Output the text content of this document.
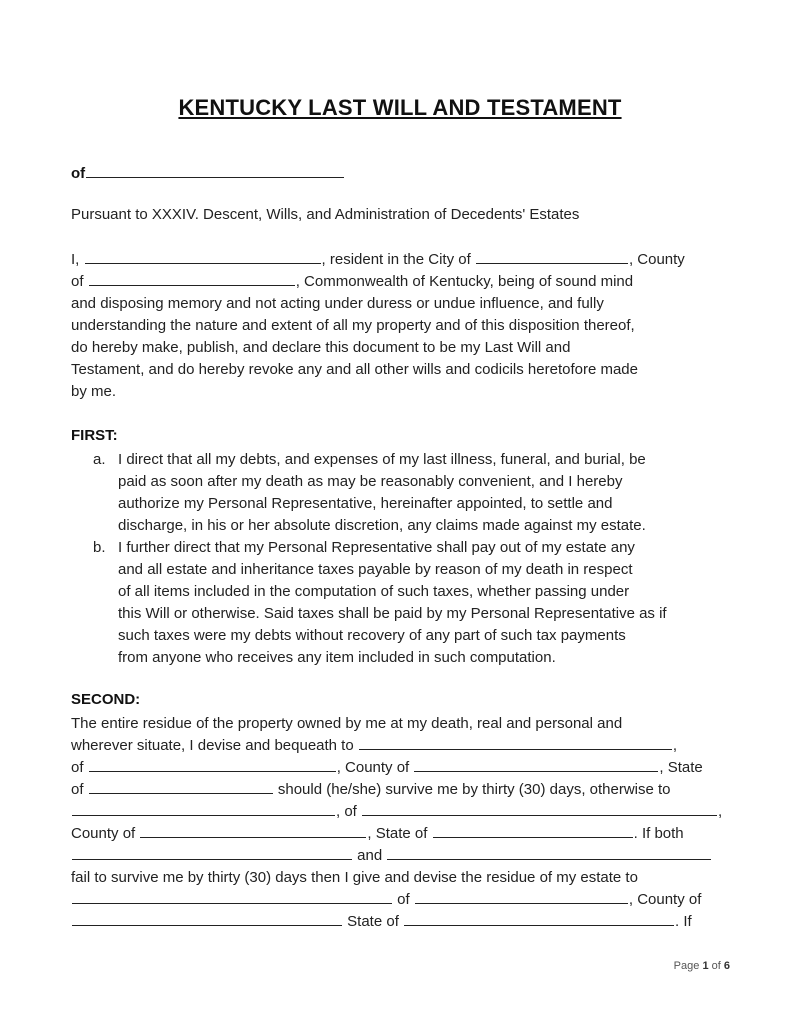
KENTUCKY LAST WILL AND TESTAMENT
of
Pursuant to XXXIV. Descent, Wills, and Administration of Decedents' Estates
I,	, resident in the City of	, County
of	, Commonwealth of Kentucky, being of sound mind
and disposing memory and not acting under duress or undue influence, and fully
understanding the nature and extent of all my property and of this disposition thereof,
do hereby make, publish, and declare this document to be my Last Will and
Testament, and do hereby revoke any and all other wills and codicils heretofore made
by me.
FIRST:
a. I direct that all my debts, and expenses of my last illness, funeral, and burial, be
paid as soon after my death as may be reasonably convenient, and I hereby
authorize my Personal Representative, hereinafter appointed, to settle and
discharge, in his or her absolute discretion, any claims made against my estate.
b. I further direct that my Personal Representative shall pay out of my estate any
and all estate and inheritance taxes payable by reason of my death in respect
of all items included in the computation of such taxes, whether passing under
this Will or otherwise. Said taxes shall be paid by my Personal Representative as if
such taxes were my debts without recovery of any part of such tax payments
from anyone who receives any item included in such computation.
SECOND:
The entire residue of the property owned by me at my death, real and personal and
wherever situate, I devise and bequeath to	,
of	, County of	, State
of	should (he/she) survive me by thirty (30) days, otherwise to
, of	,
County of	, State of	. If both
and
fail to survive me by thirty (30) days then I give and devise the residue of my estate to
of	, County of
State of	. If
Page 1 of 6
